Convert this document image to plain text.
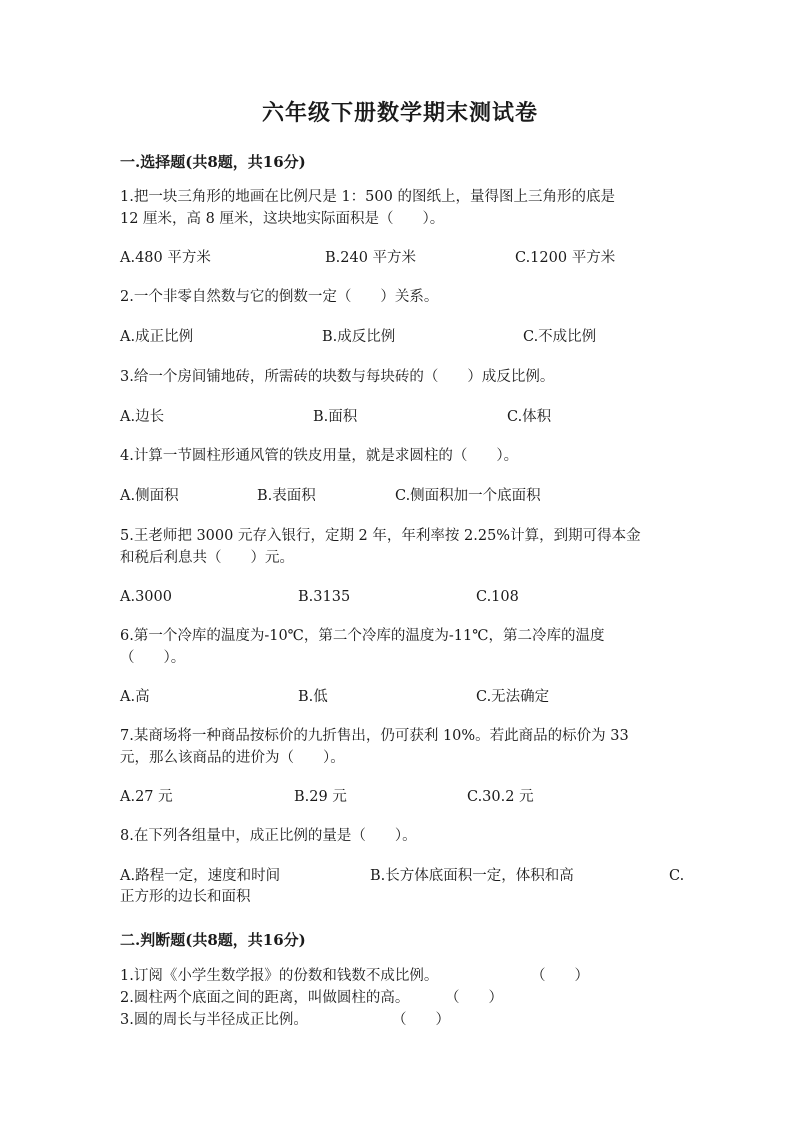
六年级下册数学期末测试卷
一.选择题(共8题，共16分)
1.把一块三角形的地画在比例尺是 1：500 的图纸上，量得图上三角形的底是
12 厘米，高 8 厘米，这块地实际面积是（　　）。
A.480 平方米	B.240 平方米	C.1200 平方米
2.一个非零自然数与它的倒数一定（　　）关系。
A.成正比例	B.成反比例	C.不成比例
3.给一个房间铺地砖，所需砖的块数与每块砖的（　　）成反比例。
A.边长	B.面积	C.体积
4.计算一节圆柱形通风管的铁皮用量，就是求圆柱的（　　）。
A.侧面积	B.表面积	C.侧面积加一个底面积
5.王老师把 3000 元存入银行，定期 2 年，年利率按 2.25%计算，到期可得本金
和税后利息共（　　）元。
A.3000	B.3135	C.108
6.第一个冷库的温度为-10℃，第二个冷库的温度为-11℃，第二冷库的温度
（　　）。
A.高	B.低	C.无法确定
7.某商场将一种商品按标价的九折售出，仍可获利 10%。若此商品的标价为 33
元，那么该商品的进价为（　　）。
A.27 元	B.29 元	C.30.2 元
8.在下列各组量中，成正比例的量是（　　）。
A.路程一定，速度和时间	B.长方体底面积一定，体积和高	C.
正方形的边长和面积
二.判断题(共8题，共16分)
1.订阅《小学生数学报》的份数和钱数不成比例。	（　　）
2.圆柱两个底面之间的距离，叫做圆柱的高。 （　　）
3.圆的周长与半径成正比例。	（　　）
